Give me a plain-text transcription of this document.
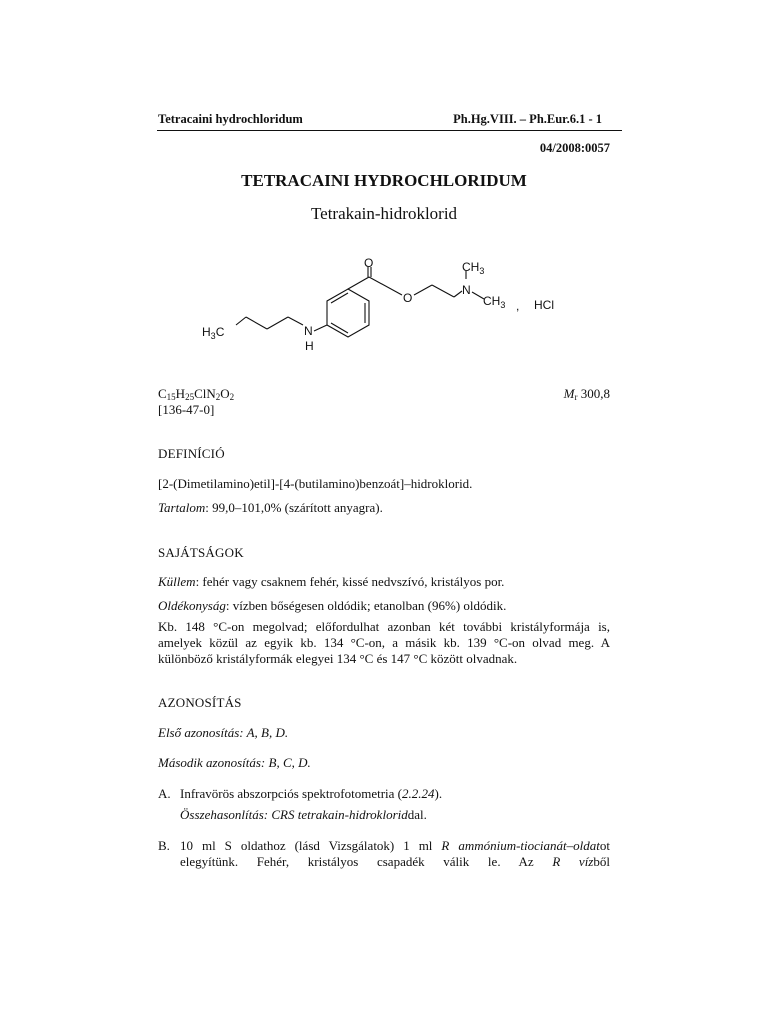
Tetracaini hydrochloridum	Ph.Hg.VIII. – Ph.Eur.6.1 - 1
04/2008:0057
TETRACAINI HYDROCHLORIDUM
Tetrakain-hidroklorid
O
O
N
$CH_3$
$CH_3$
$H_3C$	N
H
, HCl
$C_{15}H_{25}ClN_2O_2$	$M_r$ 300,8
[136-47-0]
DEFINÍCIÓ
[2-(Dimetilamino)etil]-[4-(butilamino)benzoát]–hidroklorid.
Tartalom: 99,0–101,0% (szárított anyagra).
SAJÁTSÁGOK
Küllem: fehér vagy csaknem fehér, kissé nedvszívó, kristályos por.
Oldékonyság: vízben bőségesen oldódik; etanolban (96%) oldódik.
Kb. 148 °C-on megolvad; előfordulhat azonban két további kristályformája is,
amelyek közül az egyik kb. 134 °C-on, a másik kb. 139 °C-on olvad meg. A
különböző kristályformák elegyei 134 °C és 147 °C között olvadnak.
AZONOSÍTÁS
Első azonosítás: A, B, D.
Második azonosítás: B, C, D.
A. Infravörös abszorpciós spektrofotometria (2.2.24).
Összehasonlítás: CRS tetrakain-hidrokloriddal.
B. 10 ml S oldathoz (lásd Vizsgálatok) 1 ml R ammónium-tiocianát–oldatot
elegyítünk. Fehér, kristályos csapadék válik le. Az R vízből
